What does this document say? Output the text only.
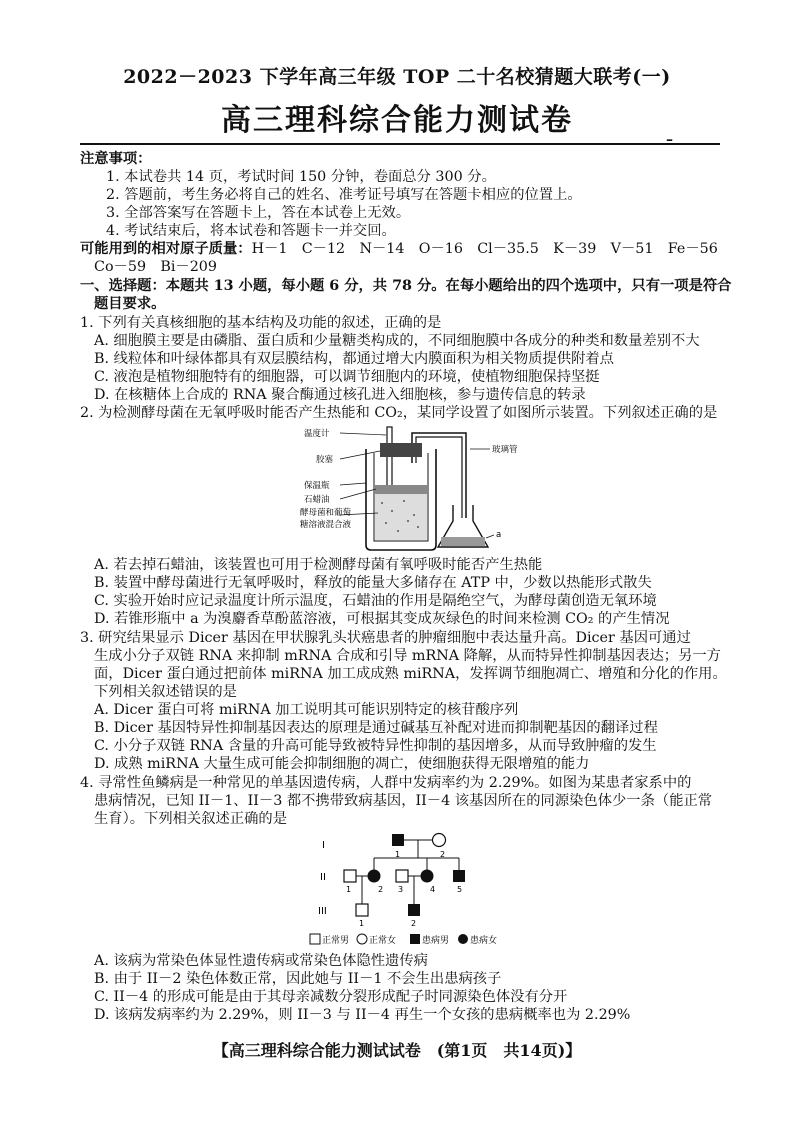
2022－2023 下学年高三年级 TOP 二十名校猜题大联考(一)
高三理科综合能力测试卷
–
注意事项：
1. 本试卷共 14 页，考试时间 150 分钟，卷面总分 300 分。
2. 答题前，考生务必将自己的姓名、准考证号填写在答题卡相应的位置上。
3. 全部答案写在答题卡上，答在本试卷上无效。
4. 考试结束后，将本试卷和答题卡一并交回。
可能用到的相对原子质量：H－1　C－12　N－14　O－16　Cl－35.5　K－39　V－51　Fe－56
Co－59　Bi－209
一、选择题：本题共 13 小题，每小题 6 分，共 78 分。在每小题给出的四个选项中，只有一项是符合
题目要求。
1. 下列有关真核细胞的基本结构及功能的叙述，正确的是
A. 细胞膜主要是由磷脂、蛋白质和少量糖类构成的，不同细胞膜中各成分的种类和数量差别不大
B. 线粒体和叶绿体都具有双层膜结构，都通过增大内膜面积为相关物质提供附着点
C. 液泡是植物细胞特有的细胞器，可以调节细胞内的环境，使植物细胞保持坚挺
D. 在核糖体上合成的 RNA 聚合酶通过核孔进入细胞核，参与遗传信息的转录
2. 为检测酵母菌在无氧呼吸时能否产生热能和 CO₂，某同学设置了如图所示装置。下列叙述正确的是
温度计
玻璃管
胶塞
保温瓶
石蜡油
酵母菌和葡萄
糖溶液混合液
a
A. 若去掉石蜡油，该装置也可用于检测酵母菌有氧呼吸时能否产生热能
B. 装置中酵母菌进行无氧呼吸时，释放的能量大多储存在 ATP 中，少数以热能形式散失
C. 实验开始时应记录温度计所示温度，石蜡油的作用是隔绝空气，为酵母菌创造无氧环境
D. 若锥形瓶中 a 为溴麝香草酚蓝溶液，可根据其变成灰绿色的时间来检测 CO₂ 的产生情况
3. 研究结果显示 Dicer 基因在甲状腺乳头状癌患者的肿瘤细胞中表达量升高。Dicer 基因可通过
生成小分子双链 RNA 来抑制 mRNA 合成和引导 mRNA 降解，从而特异性抑制基因表达；另一方
面，Dicer 蛋白通过把前体 miRNA 加工成成熟 miRNA，发挥调节细胞凋亡、增殖和分化的作用。
下列相关叙述错误的是
A. Dicer 蛋白可将 miRNA 加工说明其可能识别特定的核苷酸序列
B. Dicer 基因特异性抑制基因表达的原理是通过碱基互补配对进而抑制靶基因的翻译过程
C. 小分子双链 RNA 含量的升高可能导致被特异性抑制的基因增多，从而导致肿瘤的发生
D. 成熟 miRNA 大量生成可能会抑制细胞的凋亡，使细胞获得无限增殖的能力
4. 寻常性鱼鳞病是一种常见的单基因遗传病，人群中发病率约为 2.29%。如图为某患者家系中的
患病情况，已知 II－1、II－3 都不携带致病基因，II－4 该基因所在的同源染色体少一条（能正常
生育）。下列相关叙述正确的是
I
II
III
1	2
1	2 3	4	5
1	2
正常男 正常女	患病男 患病女
A. 该病为常染色体显性遗传病或常染色体隐性遗传病
B. 由于 II－2 染色体数正常，因此她与 II－1 不会生出患病孩子
C. II－4 的形成可能是由于其母亲减数分裂形成配子时同源染色体没有分开
D. 该病发病率约为 2.29%，则 II－3 与 II－4 再生一个女孩的患病概率也为 2.29%
【高三理科综合能力测试试卷　(第1页　共14页)】
